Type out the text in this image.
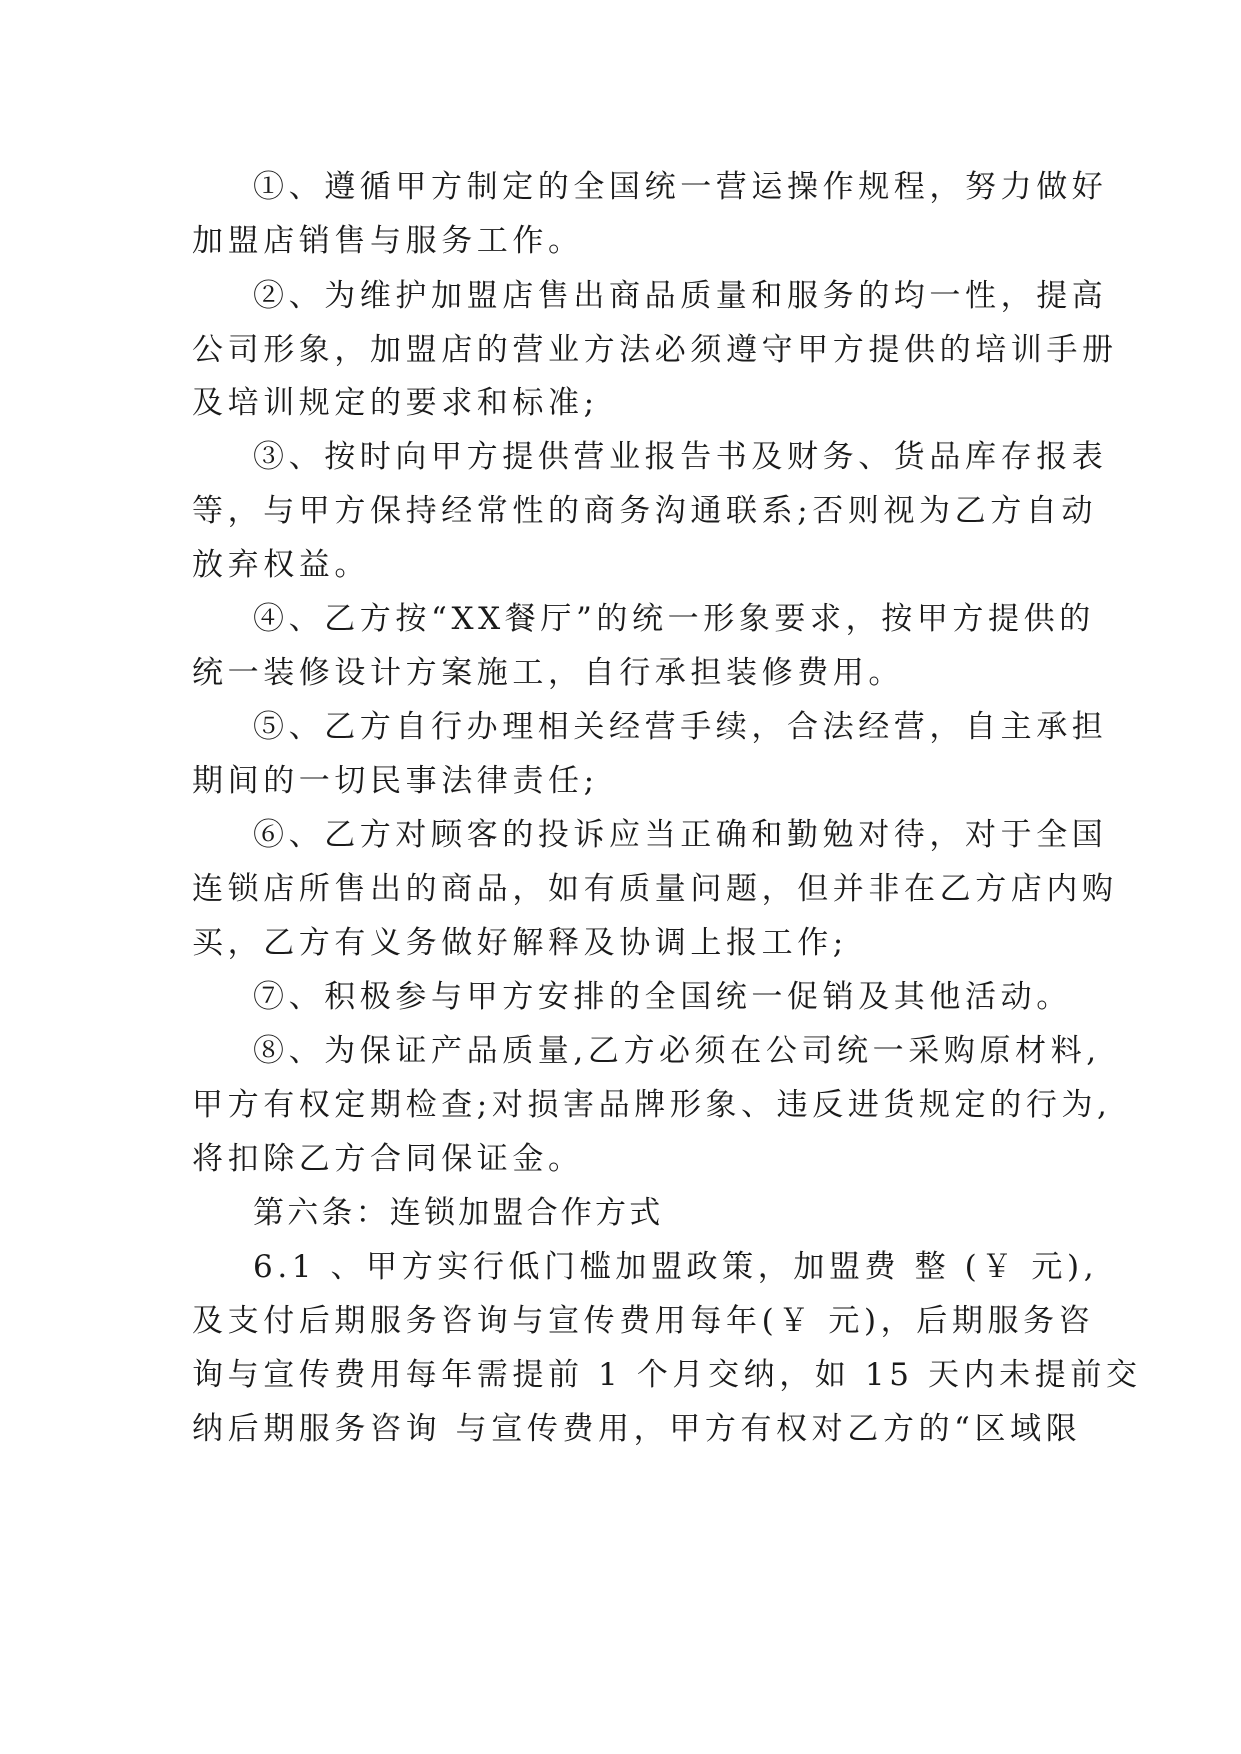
①、遵循甲方制定的全国统一营运操作规程，努力做好
加盟店销售与服务工作。
②、为维护加盟店售出商品质量和服务的均一性，提高
公司形象，加盟店的营业方法必须遵守甲方提供的培训手册
及培训规定的要求和标准;
③、按时向甲方提供营业报告书及财务、货品库存报表
等，与甲方保持经常性的商务沟通联系;否则视为乙方自动
放弃权益。
④、乙方按“XX餐厅”的统一形象要求，按甲方提供的
统一装修设计方案施工，自行承担装修费用。
⑤、乙方自行办理相关经营手续，合法经营，自主承担
期间的一切民事法律责任;
⑥、乙方对顾客的投诉应当正确和勤勉对待，对于全国
连锁店所售出的商品，如有质量问题，但并非在乙方店内购
买，乙方有义务做好解释及协调上报工作;
⑦、积极参与甲方安排的全国统一促销及其他活动。
⑧、为保证产品质量,乙方必须在公司统一采购原材料,
甲方有权定期检查;对损害品牌形象、违反进货规定的行为,
将扣除乙方合同保证金。
第六条：连锁加盟合作方式
6.1 、甲方实行低门槛加盟政策，加盟费 整 (￥ 元),
及支付后期服务咨询与宣传费用每年(￥ 元)，后期服务咨
询与宣传费用每年需提前 1 个月交纳，如 15 天内未提前交
纳后期服务咨询 与宣传费用，甲方有权对乙方的“区域限
